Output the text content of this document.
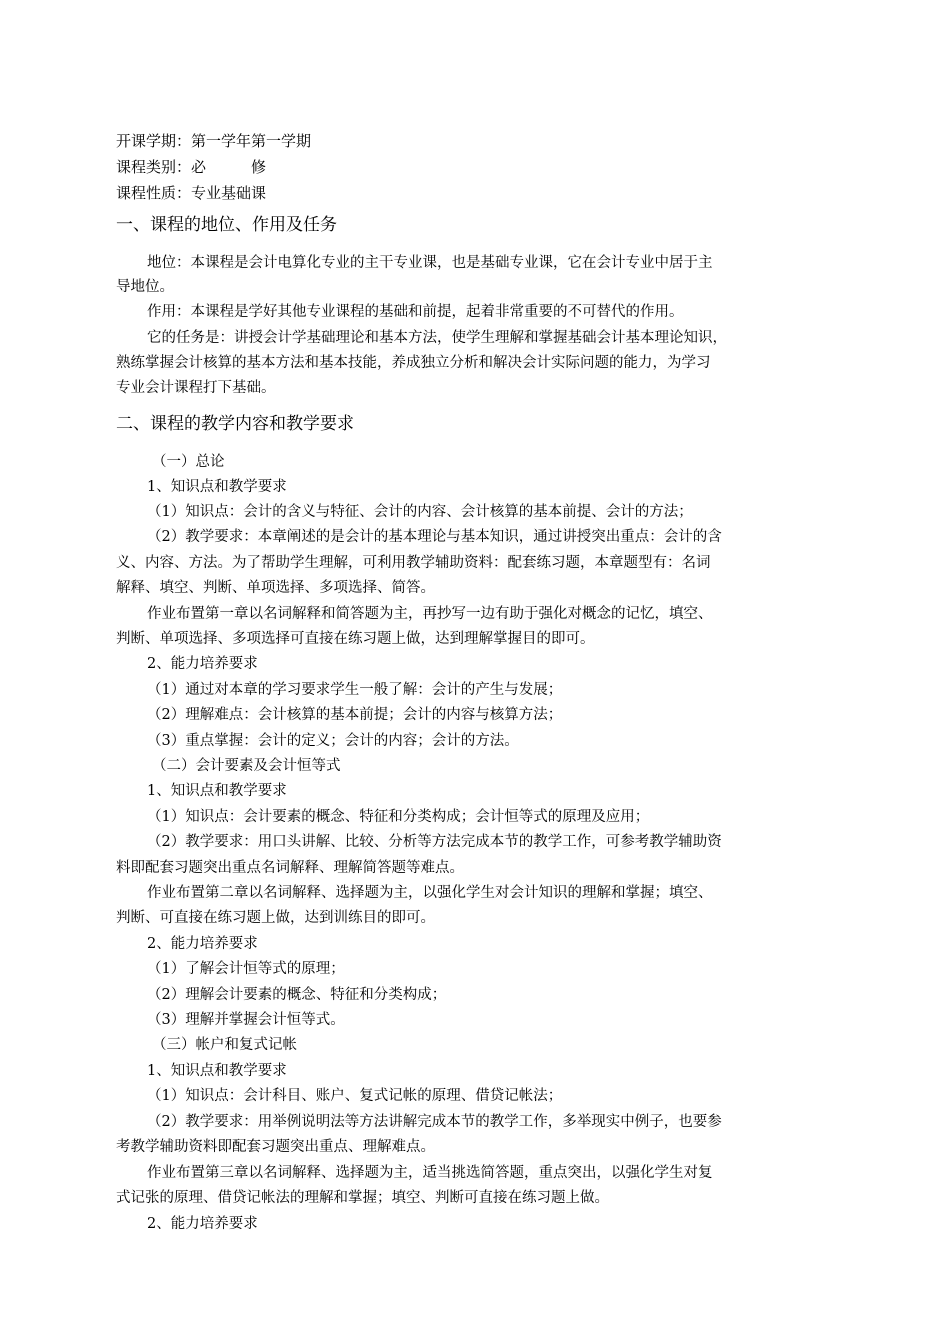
开课学期：第一学年第一学期
课程类别：必　　　修
课程性质：专业基础课
一、课程的地位、作用及任务
地位：本课程是会计电算化专业的主干专业课，也是基础专业课，它在会计专业中居于主
导地位。
作用：本课程是学好其他专业课程的基础和前提，起着非常重要的不可替代的作用。
它的任务是：讲授会计学基础理论和基本方法，使学生理解和掌握基础会计基本理论知识，
熟练掌握会计核算的基本方法和基本技能，养成独立分析和解决会计实际问题的能力，为学习
专业会计课程打下基础。
二、课程的教学内容和教学要求
（一）总论
1、知识点和教学要求
（1）知识点：会计的含义与特征、会计的内容、会计核算的基本前提、会计的方法；
（2）教学要求：本章阐述的是会计的基本理论与基本知识，通过讲授突出重点：会计的含
义、内容、方法。为了帮助学生理解，可利用教学辅助资料：配套练习题，本章题型有：名词
解释、填空、判断、单项选择、多项选择、简答。
作业布置第一章以名词解释和简答题为主，再抄写一边有助于强化对概念的记忆，填空、
判断、单项选择、多项选择可直接在练习题上做，达到理解掌握目的即可。
2、能力培养要求
（1）通过对本章的学习要求学生一般了解：会计的产生与发展；
（2）理解难点：会计核算的基本前提；会计的内容与核算方法；
（3）重点掌握：会计的定义；会计的内容；会计的方法。
（二）会计要素及会计恒等式
1、知识点和教学要求
（1）知识点：会计要素的概念、特征和分类构成；会计恒等式的原理及应用；
（2）教学要求：用口头讲解、比较、分析等方法完成本节的教学工作，可参考教学辅助资
料即配套习题突出重点名词解释、理解简答题等难点。
作业布置第二章以名词解释、选择题为主，以强化学生对会计知识的理解和掌握；填空、
判断、可直接在练习题上做，达到训练目的即可。
2、能力培养要求
（1）了解会计恒等式的原理；
（2）理解会计要素的概念、特征和分类构成；
（3）理解并掌握会计恒等式。
（三）帐户和复式记帐
1、知识点和教学要求
（1）知识点：会计科目、账户、复式记帐的原理、借贷记帐法；
（2）教学要求：用举例说明法等方法讲解完成本节的教学工作，多举现实中例子，也要参
考教学辅助资料即配套习题突出重点、理解难点。
作业布置第三章以名词解释、选择题为主，适当挑选简答题，重点突出，以强化学生对复
式记张的原理、借贷记帐法的理解和掌握；填空、判断可直接在练习题上做。
2、能力培养要求
